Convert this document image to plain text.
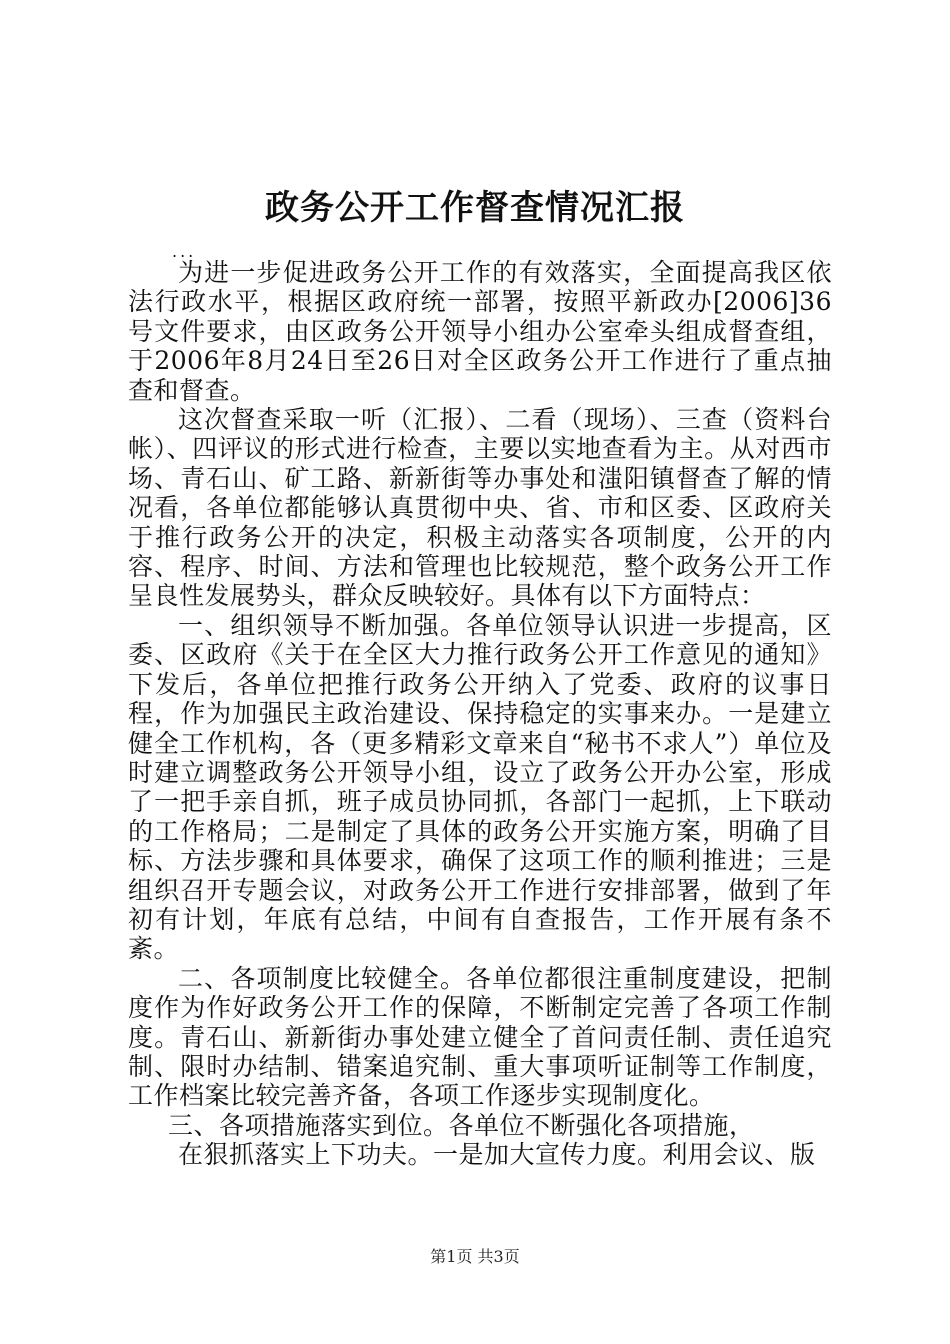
政务公开工作督查情况汇报
...

为进一步促进政务公开工作的有效落实，全面提高我区依法行政水平，根据区政府统一部署，按照平新政办[2006]36号文件要求，由区政务公开领导小组办公室牵头组成督查组，于2006年8月24日至26日对全区政务公开工作进行了重点抽查和督查。

这次督查采取一听（汇报）、二看（现场）、三查（资料台帐）、四评议的形式进行检查，主要以实地查看为主。从对西市场、青石山、矿工路、新新街等办事处和滍阳镇督查了解的情况看，各单位都能够认真贯彻中央、省、市和区委、区政府关于推行政务公开的决定，积极主动落实各项制度，公开的内容、程序、时间、方法和管理也比较规范，整个政务公开工作呈良性发展势头，群众反映较好。具体有以下方面特点：

一、组织领导不断加强。各单位领导认识进一步提高，区委、区政府《关于在全区大力推行政务公开工作意见的通知》下发后，各单位把推行政务公开纳入了党委、政府的议事日程，作为加强民主政治建设、保持稳定的实事来办。一是建立健全工作机构，各（更多精彩文章来自“秘书不求人”）单位及时建立调整政务公开领导小组，设立了政务公开办公室，形成了一把手亲自抓，班子成员协同抓，各部门一起抓，上下联动的工作格局；二是制定了具体的政务公开实施方案，明确了目标、方法步骤和具体要求，确保了这项工作的顺利推进；三是组织召开专题会议，对政务公开工作进行安排部署，做到了年初有计划，年底有总结，中间有自查报告，工作开展有条不紊。

二、各项制度比较健全。各单位都很注重制度建设，把制度作为作好政务公开工作的保障，不断制定完善了各项工作制度。青石山、新新街办事处建立健全了首问责任制、责任追究制、限时办结制、错案追究制、重大事项听证制等工作制度，工作档案比较完善齐备，各项工作逐步实现制度化。

三、各项措施落实到位。各单位不断强化各项措施，

在狠抓落实上下功夫。一是加大宣传力度。利用会议、版

第1页 共3页
